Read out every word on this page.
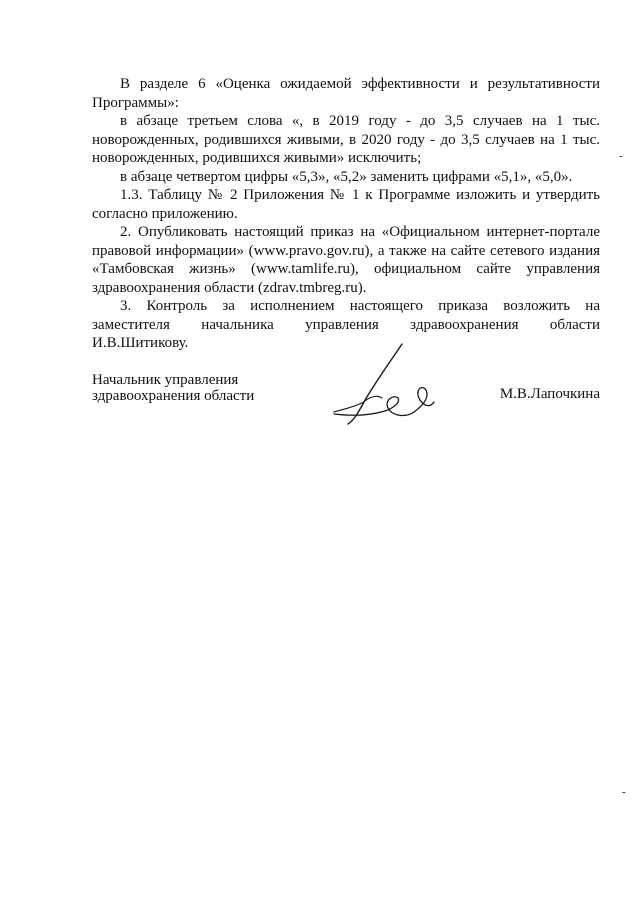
В разделе 6 «Оценка ожидаемой эффективности и результативности Программы»:

в абзаце третьем слова «, в 2019 году - до 3,5 случаев на 1 тыс. новорожденных, родившихся живыми, в 2020 году - до 3,5 случаев на 1 тыс. новорожденных, родившихся живыми» исключить;

в абзаце четвертом цифры «5,3», «5,2» заменить цифрами «5,1», «5,0».

1.3. Таблицу № 2 Приложения № 1 к Программе изложить и утвердить согласно приложению.

2. Опубликовать настоящий приказ на «Официальном интернет-портале правовой информации» (www.pravo.gov.ru), а также на сайте сетевого издания «Тамбовская жизнь» (www.tamlife.ru), официальном сайте управления здравоохранения области (zdrav.tmbreg.ru).

3. Контроль за исполнением настоящего приказа возложить на заместителя начальника управления здравоохранения области

И.В.Шитикову.

Начальник управления
здравоохранения области	М.В.Лапочкина
-
-
